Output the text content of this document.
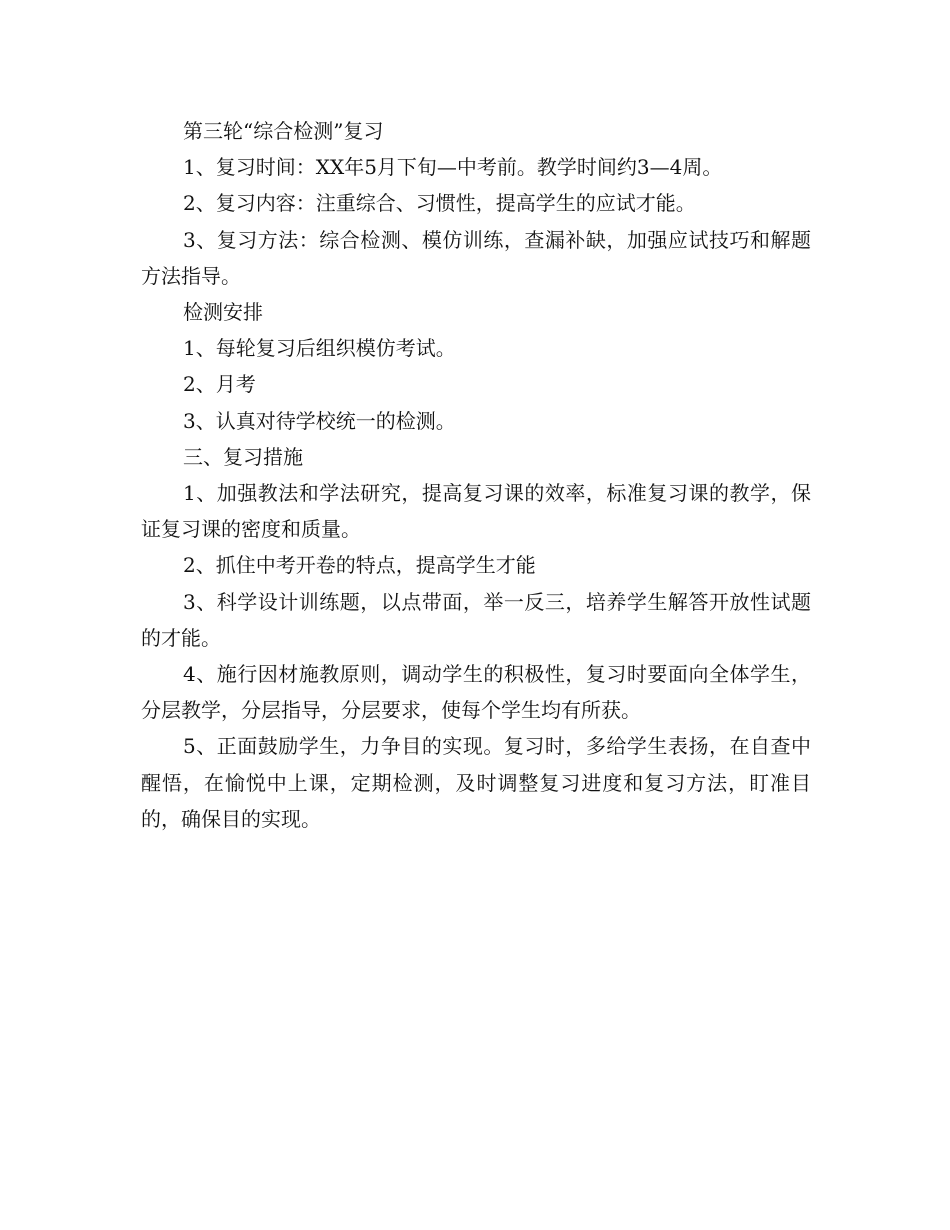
第三轮“综合检测”复习

1、复习时间：XX年5月下旬—中考前。教学时间约3—4周。

2、复习内容：注重综合、习惯性，提高学生的应试才能。

3、复习方法：综合检测、模仿训练，查漏补缺，加强应试技巧和解题方法指导。

检测安排

1、每轮复习后组织模仿考试。

2、月考

3、认真对待学校统一的检测。

三、复习措施

1、加强教法和学法研究，提高复习课的效率，标准复习课的教学，保证复习课的密度和质量。

2、抓住中考开卷的特点，提高学生才能

3、科学设计训练题，以点带面，举一反三，培养学生解答开放性试题的才能。

4、施行因材施教原则，调动学生的积极性，复习时要面向全体学生，分层教学，分层指导，分层要求，使每个学生均有所获。

5、正面鼓励学生，力争目的实现。复习时，多给学生表扬，在自查中醒悟，在愉悦中上课，定期检测，及时调整复习进度和复习方法，盯准目的，确保目的实现。
